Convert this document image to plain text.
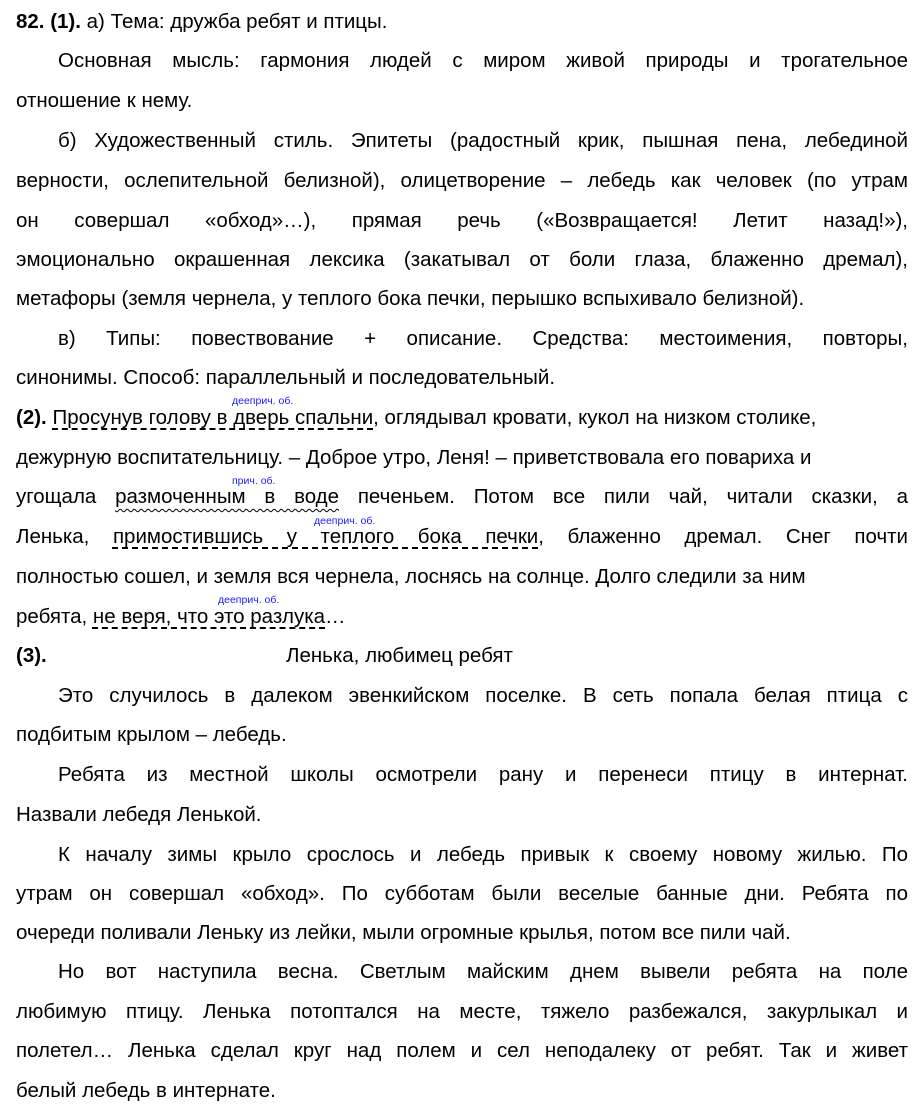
82. (1). а) Тема: дружба ребят и птицы.
Основная мысль: гармония людей с миром живой природы и трогательное
отношение к нему.
б) Художественный стиль. Эпитеты (радостный крик, пышная пена, лебединой
верности, ослепительной белизной), олицетворение – лебедь как человек (по утрам
он совершал «обход»…), прямая речь («Возвращается! Летит назад!»),
эмоционально окрашенная лексика (закатывал от боли глаза, блаженно дремал),
метафоры (земля чернела, у теплого бока печки, перышко вспыхивало белизной).
в) Типы: повествование + описание. Средства: местоимения, повторы,
синонимы. Способ: параллельный и последовательный.
деeприч. об.
(2). Просунув голову в дверь спальни, оглядывал кровати, кукол на низком столике,
дежурную воспитательницу. – Доброе утро, Леня! – приветствовала его повариха и
прич. об.
угощала размоченным в воде печеньем. Потом все пили чай, читали сказки, а
деeприч. об.
Ленька, примостившись у теплого бока печки, блаженно дремал. Снег почти
полностью сошел, и земля вся чернела, лоснясь на солнце. Долго следили за ним
деeприч. об.
ребята, не веря, что это разлука…
(3).	Ленька, любимец ребят
Это случилось в далеком эвенкийском поселке. В сеть попала белая птица с
подбитым крылом – лебедь.
Ребята из местной школы осмотрели рану и перенеси птицу в интернат.
Назвали лебедя Ленькой.
К началу зимы крыло срослось и лебедь привык к своему новому жилью. По
утрам он совершал «обход». По субботам были веселые банные дни. Ребята по
очереди поливали Леньку из лейки, мыли огромные крылья, потом все пили чай.
Но вот наступила весна. Светлым майским днем вывели ребята на поле
любимую птицу. Ленька потоптался на месте, тяжело разбежался, закурлыкал и
полетел… Ленька сделал круг над полем и сел неподалеку от ребят. Так и живет
белый лебедь в интернате.
